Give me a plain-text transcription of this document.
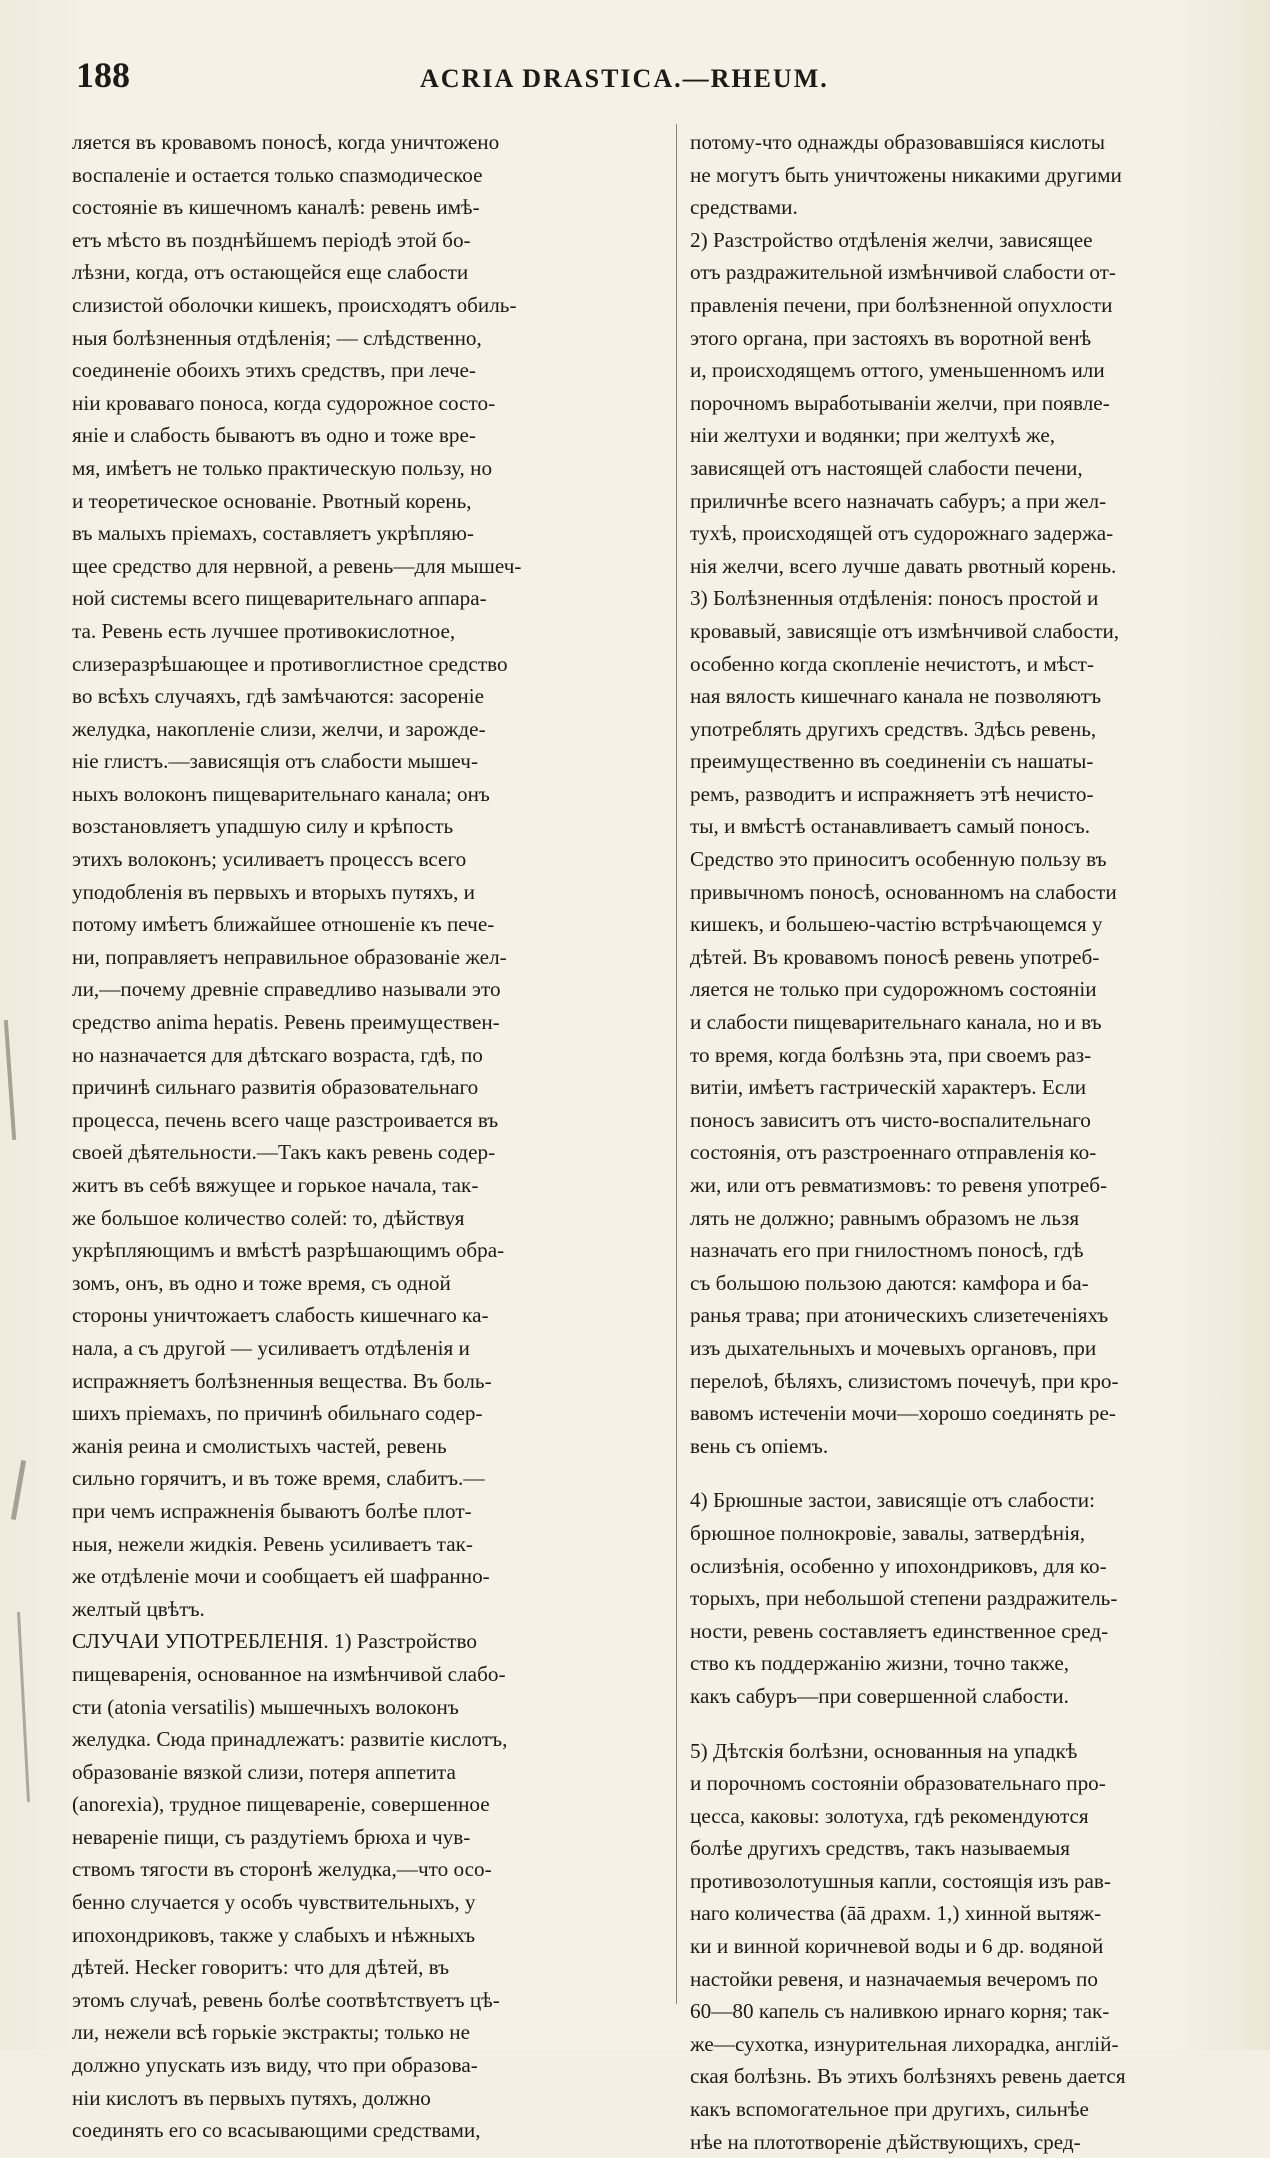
188	ACRIA DRASTICA.—RHEUM.
ляется въ кровавомъ поносѣ, когда уничтожено
воспаленіе и остается только спазмодическое
состояніе въ кишечномъ каналѣ: ревень имѣ-
етъ мѣсто въ позднѣйшемъ періодѣ этой бо-
лѣзни, когда, отъ остающейся еще слабости
слизистой оболочки кишекъ, происходятъ обиль-
ныя болѣзненныя отдѣленія; — слѣдственно,
соединеніе обоихъ этихъ средствъ, при лече-
ніи кроваваго поноса, когда судорожное состо-
яніе и слабость бываютъ въ одно и тоже вре-
мя, имѣетъ не только практическую пользу, но
и теоретическое основаніе. Рвотный корень,
въ малыхъ пріемахъ, составляетъ укрѣпляю-
щее средство для нервной, а ревень—для мышеч-
ной системы всего пищеварительнаго аппара-
та. Ревень есть лучшее противокислотное,
слизеразрѣшающее и противоглистное средство
во всѣхъ случаяхъ, гдѣ замѣчаются: засореніе
желудка, накопленіе слизи, желчи, и зарожде-
ніе глистъ.—зависящія отъ слабости мышеч-
ныхъ волоконъ пищеварительнаго канала; онъ
возстановляетъ упадшую силу и крѣпость
этихъ волоконъ; усиливаетъ процессъ всего
уподобленія въ первыхъ и вторыхъ путяхъ, и
потому имѣетъ ближайшее отношеніе къ пече-
ни, поправляетъ неправильное образованіе жел-
ли,—почему древніе справедливо называли это
средство anima hepatis. Ревень преимуществен-
но назначается для дѣтскаго возраста, гдѣ, по
причинѣ сильнаго развитія образовательнаго
процесса, печень всего чаще разстроивается въ
своей дѣятельности.—Такъ какъ ревень содер-
житъ въ себѣ вяжущее и горькое начала, так-
же большое количество солей: то, дѣйствуя
укрѣпляющимъ и вмѣстѣ разрѣшающимъ обра-
зомъ, онъ, въ одно и тоже время, съ одной
стороны уничтожаетъ слабость кишечнаго ка-
нала, а съ другой — усиливаетъ отдѣленія и
испражняетъ болѣзненныя вещества. Въ боль-
шихъ пріемахъ, по причинѣ обильнаго содер-
жанія реина и смолистыхъ частей, ревень
сильно горячитъ, и въ тоже время, слабитъ.—
при чемъ испражненія бываютъ болѣе плот-
ныя, нежели жидкія. Ревень усиливаетъ так-
же отдѣленіе мочи и сообщаетъ ей шафранно-
желтый цвѣтъ.
СЛУЧАИ УПОТРЕБЛЕНІЯ. 1) Разстройство
пищеваренія, основанное на измѣнчивой слабо-
сти (atonia versatilis) мышечныхъ волоконъ
желудка. Сюда принадлежатъ: развитіе кислотъ,
образованіе вязкой слизи, потеря аппетита
(anorexia), трудное пищевареніе, совершенное
невареніе пищи, съ раздутіемъ брюха и чув-
ствомъ тягости въ сторонѣ желудка,—что осо-
бенно случается у особъ чувствительныхъ, у
ипохондриковъ, также у слабыхъ и нѣжныхъ
дѣтей. Hecker говоритъ: что для дѣтей, въ
этомъ случаѣ, ревень болѣе соотвѣтствуетъ цѣ-
ли, нежели всѣ горькіе экстракты; только не
должно упускать изъ виду, что при образова-
ніи кислотъ въ первыхъ путяхъ, должно
соединять его со всасывающими средствами,
потому-что однажды образовавшіяся кислоты
не могутъ быть уничтожены никакими другими
средствами.
2) Разстройство отдѣленія желчи, зависящее
отъ раздражительной измѣнчивой слабости от-
правленія печени, при болѣзненной опухлости
этого органа, при застояхъ въ воротной венѣ
и, происходящемъ оттого, уменьшенномъ или
порочномъ выработываніи желчи, при появле-
ніи желтухи и водянки; при желтухѣ же,
зависящей отъ настоящей слабости печени,
приличнѣе всего назначать сабуръ; а при жел-
тухѣ, происходящей отъ судорожнаго задержа-
нія желчи, всего лучше давать рвотный корень.
3) Болѣзненныя отдѣленія: поносъ простой и
кровавый, зависящіе отъ измѣнчивой слабости,
особенно когда скопленіе нечистотъ, и мѣст-
ная вялость кишечнаго канала не позволяютъ
употреблять другихъ средствъ. Здѣсь ревень,
преимущественно въ соединеніи съ нашаты-
ремъ, разводитъ и испражняетъ этѣ нечисто-
ты, и вмѣстѣ останавливаетъ самый поносъ.
Средство это приноситъ особенную пользу въ
привычномъ поносѣ, основанномъ на слабости
кишекъ, и большею-частію встрѣчающемся у
дѣтей. Въ кровавомъ поносѣ ревень употреб-
ляется не только при судорожномъ состояніи
и слабости пищеварительнаго канала, но и въ
то время, когда болѣзнь эта, при своемъ раз-
витіи, имѣетъ гастрическій характеръ. Если
поносъ зависитъ отъ чисто-воспалительнаго
состоянія, отъ разстроеннаго отправленія ко-
жи, или отъ ревматизмовъ: то ревеня употреб-
лять не должно; равнымъ образомъ не льзя
назначать его при гнилостномъ поносѣ, гдѣ
съ большою пользою даются: камфора и ба-
ранья трава; при атоническихъ слизетеченіяхъ
изъ дыхательныхъ и мочевыхъ органовъ, при
перелоѣ, бѣляхъ, слизистомъ почечуѣ, при кро-
вавомъ истеченіи мочи—хорошо соединять ре-
вень съ опіемъ.
4) Брюшные застои, зависящіе отъ слабости:
брюшное полнокровіе, завалы, затвердѣнія,
ослизѣнія, особенно у ипохондриковъ, для ко-
торыхъ, при небольшой степени раздражитель-
ности, ревень составляетъ единственное сред-
ство къ поддержанію жизни, точно также,
какъ сабуръ—при совершенной слабости.
5) Дѣтскія болѣзни, основанныя на упадкѣ
и порочномъ состояніи образовательнаго про-
цесса, каковы: золотуха, гдѣ рекомендуются
болѣе другихъ средствъ, такъ называемыя
противозолотушныя капли, состоящія изъ рав-
наго количества (āā драхм. 1,) хинной вытяж-
ки и винной коричневой воды и 6 др. водяной
настойки ревеня, и назначаемыя вечеромъ по
60—80 капель съ наливкою ирнаго корня; так-
же—сухотка, изнурительная лихорадка, англій-
ская болѣзнь. Въ этихъ болѣзняхъ ревень дается
какъ вспомогательное при другихъ, сильнѣе
нѣе на плототвореніе дѣйствующихъ, сред-
